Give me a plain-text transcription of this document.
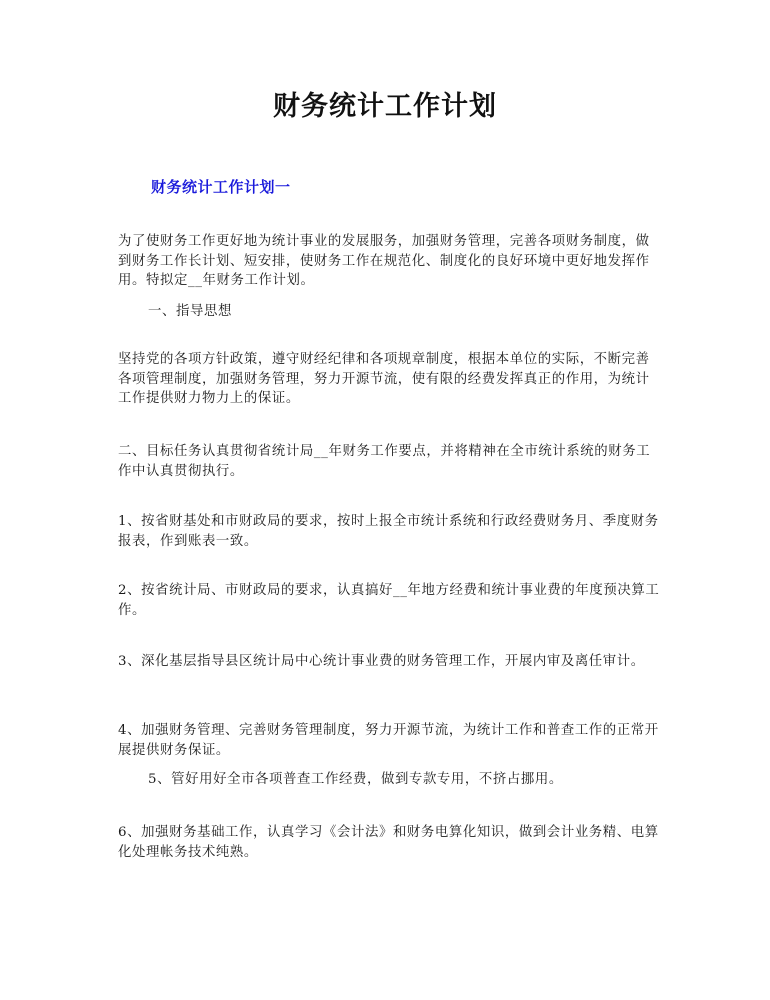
财务统计工作计划
财务统计工作计划一

为了使财务工作更好地为统计事业的发展服务，加强财务管理，完善各项财务制度，做到财务工作长计划、短安排，使财务工作在规范化、制度化的良好环境中更好地发挥作用。特拟定__年财务工作计划。

一、指导思想

坚持党的各项方针政策，遵守财经纪律和各项规章制度，根据本单位的实际，不断完善各项管理制度，加强财务管理，努力开源节流，使有限的经费发挥真正的作用，为统计工作提供财力物力上的保证。

二、目标任务认真贯彻省统计局__年财务工作要点，并将精神在全市统计系统的财务工作中认真贯彻执行。

1、按省财基处和市财政局的要求，按时上报全市统计系统和行政经费财务月、季度财务报表，作到账表一致。

2、按省统计局、市财政局的要求，认真搞好__年地方经费和统计事业费的年度预决算工作。

3、深化基层指导县区统计局中心统计事业费的财务管理工作，开展内审及离任审计。

4、加强财务管理、完善财务管理制度，努力开源节流，为统计工作和普查工作的正常开展提供财务保证。

5、管好用好全市各项普查工作经费，做到专款专用，不挤占挪用。

6、加强财务基础工作，认真学习《会计法》和财务电算化知识，做到会计业务精、电算化处理帐务技术纯熟。
